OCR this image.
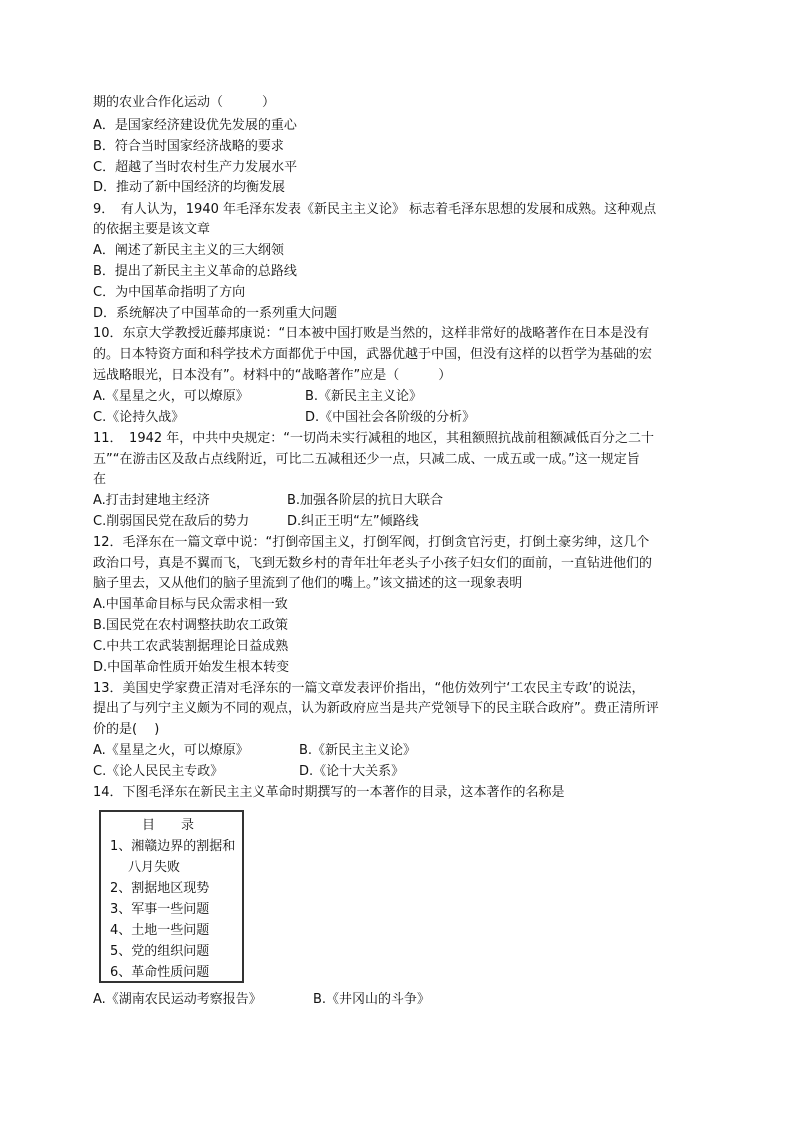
期的农业合作化运动（　　　）
A．是国家经济建设优先发展的重心
B．符合当时国家经济战略的要求
C．超越了当时农村生产力发展水平
D．推动了新中国经济的均衡发展
9．　有人认为，1940 年毛泽东发表《新民主主义论》 标志着毛泽东思想的发展和成熟。这种观点
的依据主要是该文章
A．阐述了新民主主义的三大纲领
B．提出了新民主主义革命的总路线
C．为中国革命指明了方向
D．系统解决了中国革命的一系列重大问题
10．东京大学教授近藤邦康说：“日本被中国打败是当然的，这样非常好的战略著作在日本是没有
的。日本特资方面和科学技术方面都优于中国，武器优越于中国，但没有这样的以哲学为基础的宏
远战略眼光，日本没有”。材料中的“战略著作”应是（　　　）
A.《星星之火，可以燎原》	B.《新民主主义论》
C.《论持久战》	D.《中国社会各阶级的分析》
11．　1942 年，中共中央规定：“一切尚未实行减租的地区，其租额照抗战前租额减低百分之二十
五”“在游击区及敌占点线附近，可比二五减租还少一点，只减二成、一成五或一成。”这一规定旨
在
A.打击封建地主经济	B.加强各阶层的抗日大联合
C.削弱国民党在敌后的势力	D.纠正王明“左”倾路线
12．毛泽东在一篇文章中说：“打倒帝国主义，打倒军阀，打倒贪官污吏，打倒土豪劣绅，这几个
政治口号，真是不翼而飞，飞到无数乡村的青年壮年老头子小孩子妇女们的面前，一直钻进他们的
脑子里去，又从他们的脑子里流到了他们的嘴上。”该文描述的这一现象表明
A.中国革命目标与民众需求相一致
B.国民党在农村调整扶助农工政策
C.中共工农武装割据理论日益成熟
D.中国革命性质开始发生根本转变
13．美国史学家费正清对毛泽东的一篇文章发表评价指出，“他仿效列宁‘工农民主专政’的说法，
提出了与列宁主义颇为不同的观点，认为新政府应当是共产党领导下的民主联合政府”。费正清所评
价的是(　 )
A.《星星之火，可以燎原》	B.《新民主主义论》
C.《论人民民主专政》	D.《论十大关系》
14．下图毛泽东在新民主主义革命时期撰写的一本著作的目录，这本著作的名称是
目　　录
1、湘赣边界的割据和
八月失败
2、割据地区现势
3、军事一些问题
4、土地一些问题
5、党的组织问题
6、革命性质问题
A.《湖南农民运动考察报告》	B.《井冈山的斗争》
